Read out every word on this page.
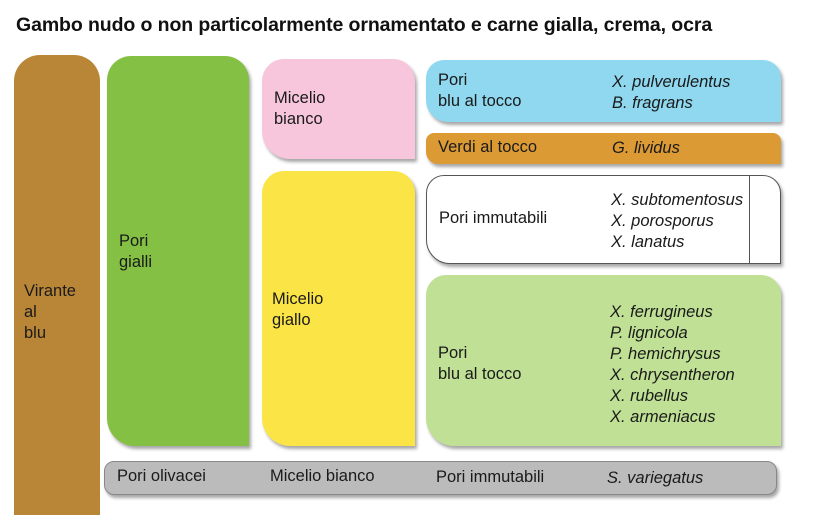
Gambo nudo o non particolarmente ornamentato e carne gialla, crema, ocra
Virante
al
blu
Pori
gialli
Micelio
bianco
Micelio
giallo
Pori
blu al tocco
X. pulverulentus
B. fragrans
Verdi al tocco	G. lividus
Pori immutabili
X. subtomentosus
X. porosporus
X. lanatus
Pori
blu al tocco
X. ferrugineus
P. lignicola
P. hemichrysus
X. chrysentheron
X. rubellus
X. armeniacus
Pori olivacei	Micelio bianco	Pori immutabili	S. variegatus
